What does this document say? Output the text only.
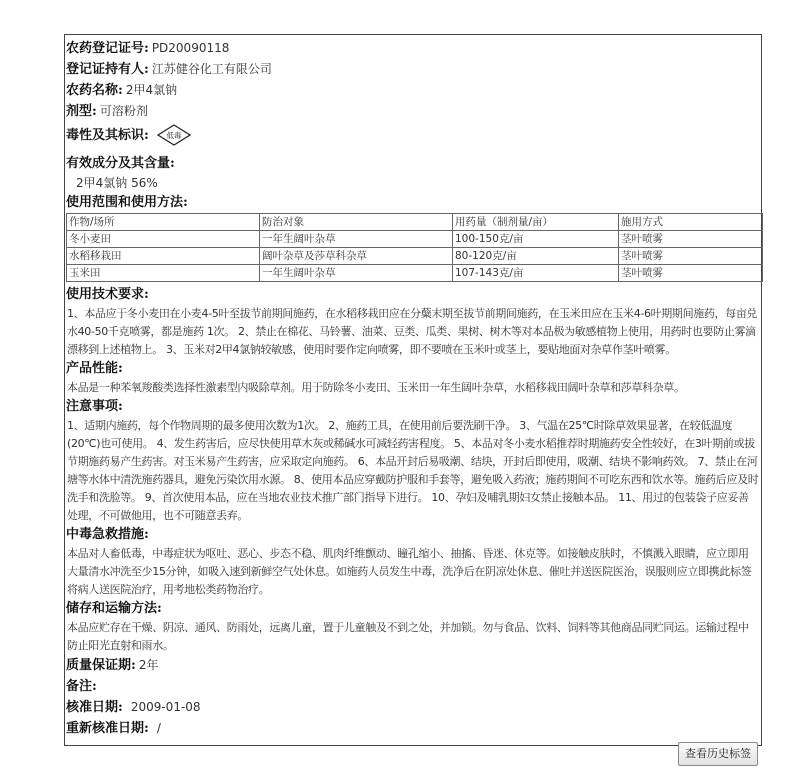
农药登记证号: PD20090118
登记证持有人: 江苏健谷化工有限公司
农药名称: 2甲4氯钠
剂型: 可溶粉剂
毒性及其标识: 低毒
有效成分及其含量:
2甲4氯钠 56%
使用范围和使用方法:
作物/场所	防治对象	用药量（制剂量/亩）	施用方式
冬小麦田	一年生阔叶杂草	100-150克/亩	茎叶喷雾
水稻移栽田	阔叶杂草及莎草科杂草	80-120克/亩	茎叶喷雾
玉米田	一年生阔叶杂草	107-143克/亩	茎叶喷雾
使用技术要求:

1、本品应于冬小麦田在小麦4-5叶至拔节前期间施药，在水稻移栽田应在分蘖末期至拔节前期间施药，在玉米田应在玉米4-6叶期期间施药，每亩兑水40-50千克喷雾，都是施药 1次。 2、禁止在棉花、马铃薯、油菜、豆类、瓜类、果树、树木等对本品极为敏感植物上使用，用药时也要防止雾滴漂移到上述植物上。 3、玉米对2甲4氯钠较敏感，使用时要作定向喷雾，即不要喷在玉米叶或茎上，要贴地面对杂草作茎叶喷雾。

产品性能:

本品是一种苯氧羧酸类选择性激素型内吸除草剂。用于防除冬小麦田、玉米田一年生阔叶杂草，水稻移栽田阔叶杂草和莎草科杂草。

注意事项:

1、适期内施药，每个作物周期的最多使用次数为1次。 2、施药工具，在使用前后要洗刷干净。 3、气温在25℃时除草效果显著，在较低温度(20℃)也可使用。 4、发生药害后，应尽快使用草木灰或稀碱水可减轻药害程度。 5、本品对冬小麦水稻推荐时期施药安全性较好，在3叶期前或拔节期施药易产生药害。对玉米易产生药害，应采取定向施药。 6、本品开封后易吸潮、结块，开封后即使用，吸潮、结块不影响药效。 7、禁止在河塘等水体中清洗施药器具，避免污染饮用水源。 8、使用本品应穿戴防护服和手套等，避免吸入药液；施药期间不可吃东西和饮水等。施药后应及时洗手和洗脸等。 9、首次使用本品，应在当地农业技术推广部门指导下进行。 10、孕妇及哺乳期妇女禁止接触本品。 11、用过的包装袋子应妥善处理，不可做他用，也不可随意丢弃。

中毒急救措施:

本品对人畜低毒，中毒症状为呕吐、恶心、步态不稳、肌肉纤维颤动、瞳孔缩小、抽搐、昏迷、休克等。如接触皮肤时，不慎溅入眼睛，应立即用大量清水冲洗至少15分钟，如吸入速到新鲜空气处休息。如施药人员发生中毒，洗净后在阴凉处休息、催吐并送医院医治，误服则应立即携此标签将病人送医院治疗，用考地松类药物治疗。

储存和运输方法:

本品应贮存在干燥、阴凉、通风、防雨处，远离儿童，置于儿童触及不到之处，并加锁。勿与食品、饮料、饲料等其他商品同贮同运。运输过程中防止阳光直射和雨水。

质量保证期: 2年
备注:
核准日期: 2009-01-08
重新核准日期: /
查看历史标签
